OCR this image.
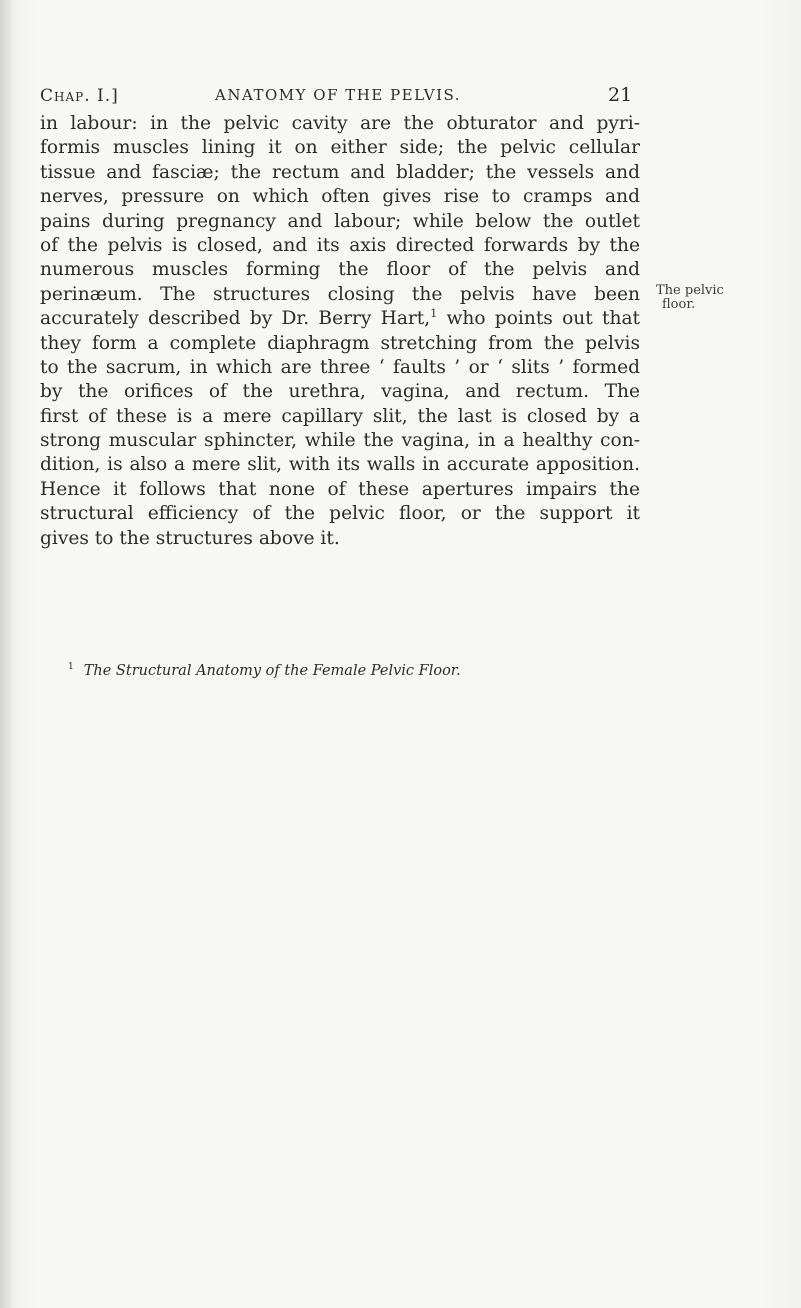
Chap. I.]	ANATOMY OF THE PELVIS.	21
in labour: in the pelvic cavity are the obturator and pyri-
formis muscles lining it on either side; the pelvic cellular
tissue and fasciæ; the rectum and bladder; the vessels and
nerves, pressure on which often gives rise to cramps and
pains during pregnancy and labour; while below the outlet
of the pelvis is closed, and its axis directed forwards by the
numerous muscles forming the floor of the pelvis and
perinæum. The structures closing the pelvis have been
accurately described by Dr. Berry Hart,$^1$ who points out that
they form a complete diaphragm stretching from the pelvis
to the sacrum, in which are three ‘ faults ’ or ‘ slits ’ formed
by the orifices of the urethra, vagina, and rectum. The
first of these is a mere capillary slit, the last is closed by a
strong muscular sphincter, while the vagina, in a healthy con-
dition, is also a mere slit, with its walls in accurate apposition.
Hence it follows that none of these apertures impairs the
structural efficiency of the pelvic floor, or the support it
gives to the structures above it.
The pelvic
floor.
$^1$ The Structural Anatomy of the Female Pelvic Floor.
